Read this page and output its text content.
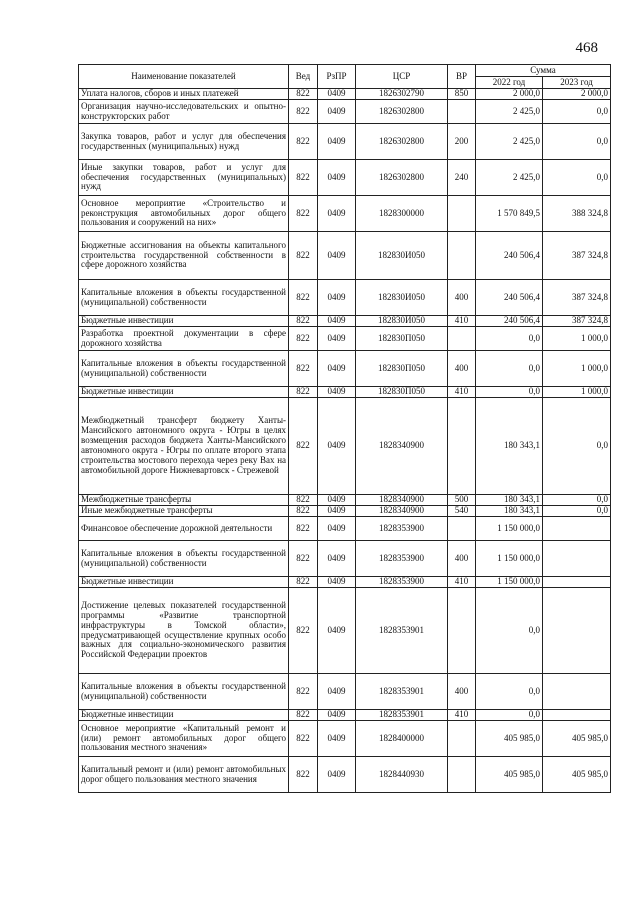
468
Наименование показателей	Вед	РзПР	ЦСР	ВР	Сумма	
					2022 год	2023 год
Уплата налогов, сборов и иных платежей	822	0409	1826302790	850	2 000,0	2 000,0
Организация научно-исследовательских и опытно-конструкторских работ	822	0409	1826302800		2 425,0	0,0
Закупка товаров, работ и услуг для обеспечения государственных (муниципальных) нужд	822	0409	1826302800	200	2 425,0	0,0
Иные закупки товаров, работ и услуг для обеспечения государственных (муниципальных) нужд	822	0409	1826302800	240	2 425,0	0,0
Основное мероприятие «Строительство и реконструкция автомобильных дорог общего пользования и сооружений на них»	822	0409	1828300000		1 570 849,5	388 324,8
Бюджетные ассигнования на объекты капитального строительства государственной собственности в сфере дорожного хозяйства	822	0409	182830И050		240 506,4	387 324,8
Капитальные вложения в объекты государственной (муниципальной) собственности	822	0409	182830И050	400	240 506,4	387 324,8
Бюджетные инвестиции	822	0409	182830И050	410	240 506,4	387 324,8
Разработка проектной документации в сфере дорожного хозяйства	822	0409	182830П050		0,0	1 000,0
Капитальные вложения в объекты государственной (муниципальной) собственности	822	0409	182830П050	400	0,0	1 000,0
Бюджетные инвестиции	822	0409	182830П050	410	0,0	1 000,0
Межбюджетный трансферт бюджету Ханты-Мансийского автономного округа - Югры в целях возмещения расходов бюджета Ханты-Мансийского автономного округа - Югры по оплате второго этапа строительства мостового перехода через реку Вах на автомобильной дороге Нижневартовск - Стрежевой	822	0409	1828340900		180 343,1	0,0
Межбюджетные трансферты	822	0409	1828340900	500	180 343,1	0,0
Иные межбюджетные трансферты	822	0409	1828340900	540	180 343,1	0,0
Финансовое обеспечение дорожной деятельности	822	0409	1828353900		1 150 000,0	
Капитальные вложения в объекты государственной (муниципальной) собственности	822	0409	1828353900	400	1 150 000,0	
Бюджетные инвестиции	822	0409	1828353900	410	1 150 000,0	
Достижение целевых показателей государственной программы «Развитие транспортной инфраструктуры в Томской области», предусматривающей осуществление крупных особо важных для социально-экономического развития Российской Федерации проектов	822	0409	1828353901		0,0	
Капитальные вложения в объекты государственной (муниципальной) собственности	822	0409	1828353901	400	0,0	
Бюджетные инвестиции	822	0409	1828353901	410	0,0	
Основное мероприятие «Капитальный ремонт и (или) ремонт автомобильных дорог общего пользования местного значения»	822	0409	1828400000		405 985,0	405 985,0
Капитальный ремонт и (или) ремонт автомобильных дорог общего пользования местного значения	822	0409	1828440930		405 985,0	405 985,0
